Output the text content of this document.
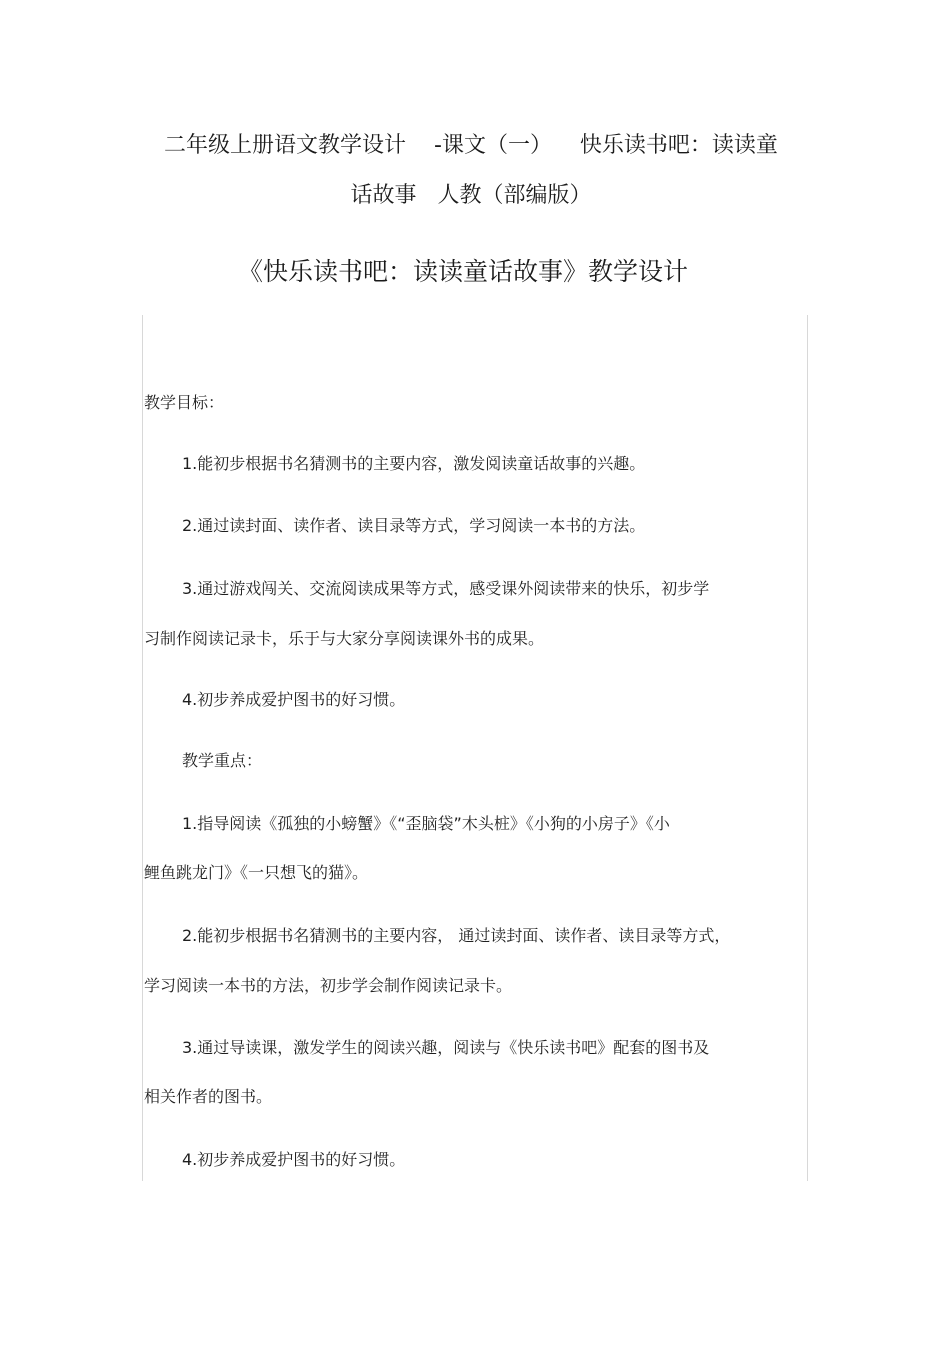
二年级上册语文教学设计    -课文（一）    快乐读书吧：读读童
话故事   人教（部编版）
《快乐读书吧：读读童话故事》教学设计
教学目标：
1.能初步根据书名猜测书的主要内容，激发阅读童话故事的兴趣。
2.通过读封面、读作者、读目录等方式，学习阅读一本书的方法。
3.通过游戏闯关、交流阅读成果等方式，感受课外阅读带来的快乐，初步学
习制作阅读记录卡，乐于与大家分享阅读课外书的成果。
4.初步养成爱护图书的好习惯。
教学重点：
1.指导阅读《孤独的小螃蟹》《“歪脑袋”木头桩》《小狗的小房子》《小
鲤鱼跳龙门》《一只想飞的猫》。
2.能初步根据书名猜测书的主要内容， 通过读封面、读作者、读目录等方式，
学习阅读一本书的方法，初步学会制作阅读记录卡。
3.通过导读课，激发学生的阅读兴趣，阅读与《快乐读书吧》配套的图书及
相关作者的图书。
4.初步养成爱护图书的好习惯。
